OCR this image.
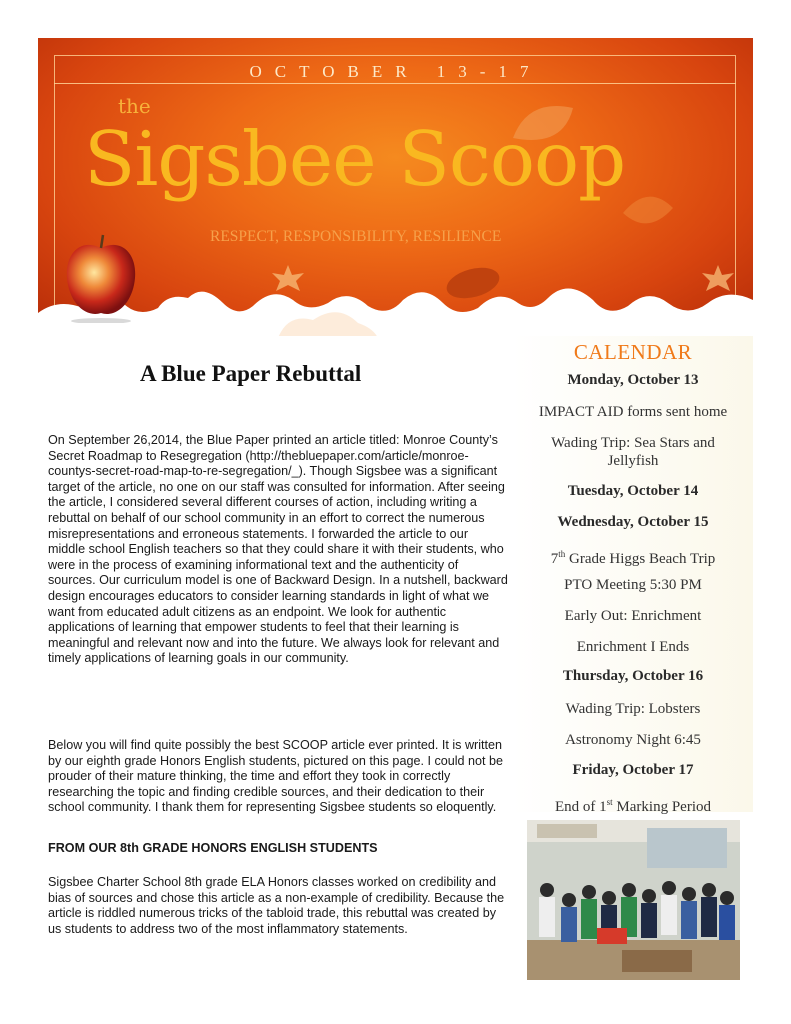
OCTOBER 13-17
the
Sigsbee Scoop
RESPECT, RESPONSIBILITY, RESILIENCE
A Blue Paper Rebuttal

On September 26,2014, the Blue Paper printed an article titled: Monroe County’s Secret Roadmap to Resegregation (http://thebluepaper.com/article/monroe-countys-secret-road-map-to-re-segregation/_). Though Sigsbee was a significant target of the article, no one on our staff was consulted for information. After seeing the article, I considered several different courses of action, including writing a rebuttal on behalf of our school community in an effort to correct the numerous misrepresentations and erroneous statements. I forwarded the article to our middle school English teachers so that they could share it with their students, who were in the process of examining informational text and the authenticity of sources. Our curriculum model is one of Backward Design. In a nutshell, backward design encourages educators to consider learning standards in light of what we want from educated adult citizens as an endpoint. We look for authentic applications of learning that empower students to feel that their learning is meaningful and relevant now and into the future. We always look for relevant and timely applications of learning goals in our community.

Below you will find quite possibly the best SCOOP article ever printed. It is written by our eighth grade Honors English students, pictured on this page. I could not be prouder of their mature thinking, the time and effort they took in correctly researching the topic and finding credible sources, and their dedication to their school community. I thank them for representing Sigsbee students so eloquently.

FROM OUR 8th GRADE HONORS ENGLISH STUDENTS

Sigsbee Charter School 8th grade ELA Honors classes worked on credibility and bias of sources and chose this article as a non-example of credibility. Because the article is riddled numerous tricks of the tabloid trade, this rebuttal was created by us students to address two of the most inflammatory statements.

CALENDAR
Monday, October 13
IMPACT AID forms sent home
Wading Trip: Sea Stars and Jellyfish
Tuesday, October 14
Wednesday, October 15
7th Grade Higgs Beach Trip
PTO Meeting 5:30 PM
Early Out: Enrichment
Enrichment I Ends
Thursday, October 16
Wading Trip: Lobsters
Astronomy Night 6:45
Friday, October 17
End of 1st Marking Period
